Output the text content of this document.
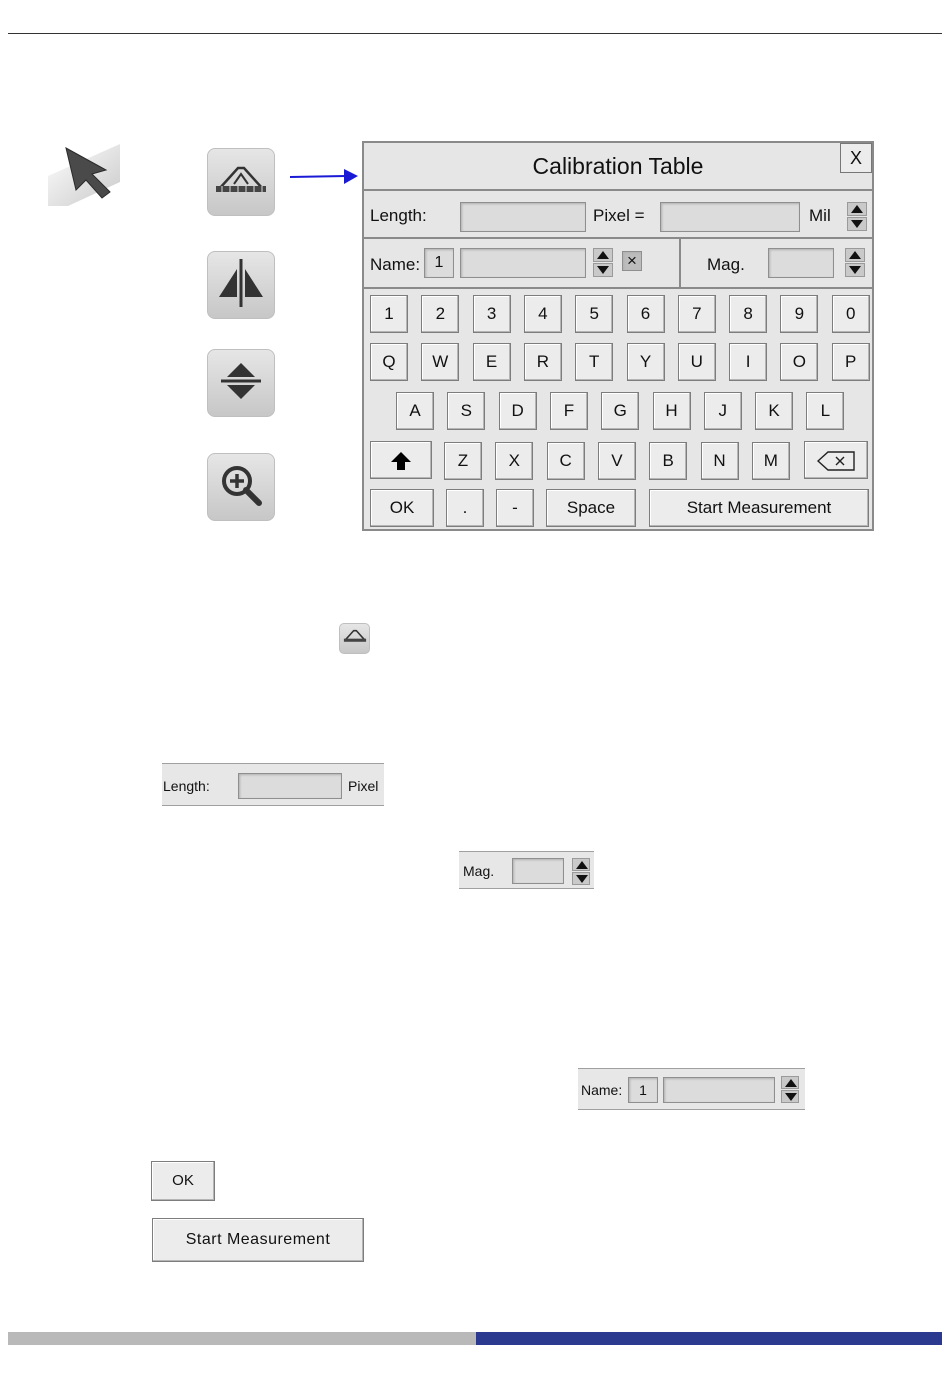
Calibration Table	X
Length:	Pixel =	Mil
Name: 1	×	Mag.
1	2	3	4	5	6	7	8	9	0
Q	W	E	R	T	Y	U	I	O	P
A	S	D	F	G	H	J	K	L
Z	X	C	V	B	N	M
OK	.	-	Space	Start Measurement
Length:	Pixel
Mag.
Name:	1
OK
Start Measurement
